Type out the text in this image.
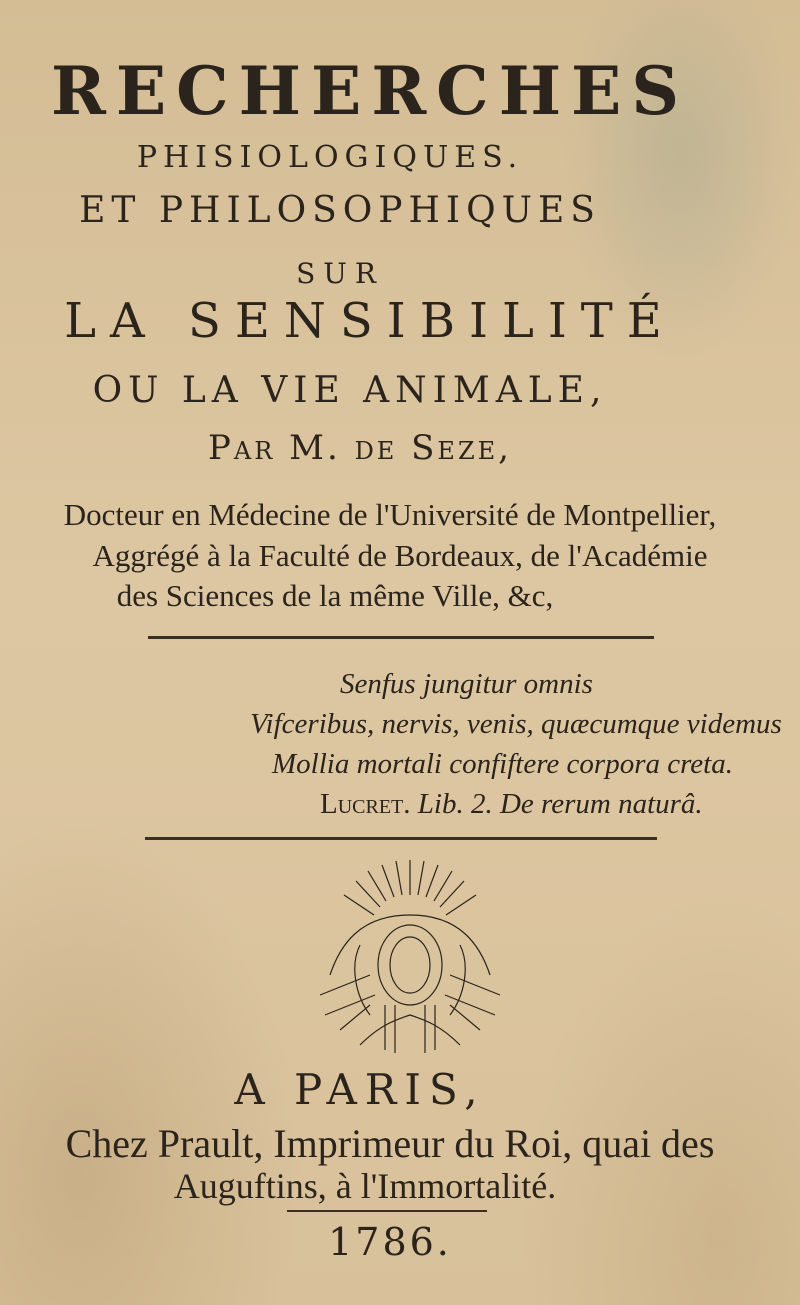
RECHERCHES
PHISIOLOGIQUES.
ET PHILOSOPHIQUES
SUR
LA SENSIBILITÉ
OU LA VIE ANIMALE,
Par M. de Seze,
Docteur en Médecine de l'Université de Montpellier,
Aggrégé à la Faculté de Bordeaux, de l'Académie
des Sciences de la même Ville, &c,
Senfus jungitur omnis
Vifceribus, nervis, venis, quæcumque videmus
Mollia mortali confiftere corpora creta.
Lucret. Lib. 2. De rerum naturâ.
A PARIS,
Chez Prault, Imprimeur du Roi, quai des
Auguftins, à l'Immortalité.
1786.
